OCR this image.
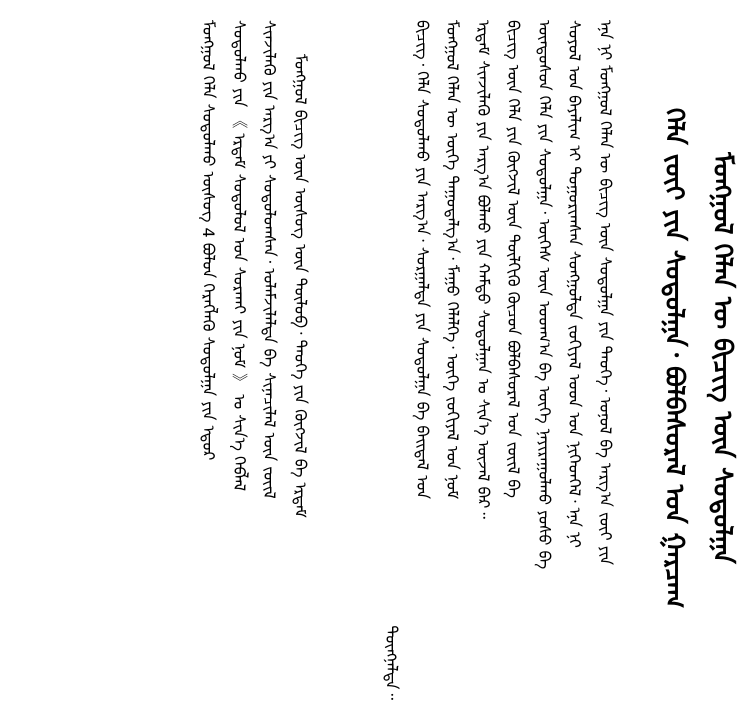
ᠮᠣᠩᠭᠣᠯ ᠬᠡᠯᠡᠨ ᠦ ᠪᠢᠴᠢᠭ ᠦᠨ ᠰᠤᠳᠤᠯᠭᠠ
ᠬᠡᠯᠡ ᠵᠦᠢ ᠶᠢᠨ ᠰᠤᠳᠤᠯᠭᠠ᠂ ᠪᠣᠯᠪᠠᠰᠤᠷᠠᠯ ᠤᠨ ᠭᠠᠷᠴᠠᠭ
ᠡᠨᠡ ᠨᠢ ᠮᠣᠩᠭᠣᠯ ᠬᠡᠯᠡᠨ ᠦ ᠪᠢᠴᠢᠭ ᠦᠨ ᠰᠤᠳᠤᠯᠭᠠ ᠶᠢᠨ ᠲᠡᠦᠬᠡ᠂ ᠣᠨᠣᠯ ᠪᠠ ᠠᠷᠭ᠎ᠠ ᠵᠦᠢ ᠶᠢᠨ
ᠰᠣᠶᠣᠯ ᠤᠨ ᠪᠠᠶᠠᠯᠢᠭ ᠢ ᠲᠣᠭᠤᠷᠢᠭᠰᠠᠨ ᠰᠣᠩᠭᠣᠯᠲᠠ ᠵᠣᠬᠢᠶᠠᠯ ᠤᠳ ᠤᠨ ᠨᠢᠭᠡᠳᠬᠡᠯ᠂ ᠡᠨᠡ ᠨᠢ
ᠦᠨᠳᠦᠰᠦᠨ ᠬᠡᠯᠡ ᠶᠢᠨ ᠰᠤᠳᠤᠯᠭᠠ᠂ ᠦᠭᠡᠰ ᠦᠨ ᠤᠳᠬ᠎ᠠ ᠪᠠ ᠦᠭᠡ ᠨᠠᠶᠢᠷᠠᠭᠤᠯᠬᠤ ᠶᠣᠰᠣ ᠪᠠ
ᠪᠢᠴᠢᠭ ᠦᠨ ᠬᠡᠯᠡ ᠶᠢᠨ ᠬᠥᠭᠵᠢᠯ ᠦᠨ ᠲᠦᠯᠬᠢᠬᠦ ᠬᠦᠴᠦᠨ ᠪᠣᠯᠪᠠᠰᠤᠷᠠᠯ ᠤᠨ ᠵᠦᠢᠯ ᠪᠠ
ᠡᠷᠳᠡᠮ ᠰᠢᠨᠵᠢᠯᠡᠬᠦ ᠶᠢᠨ ᠠᠷᠭ᠎ᠠ ᠪᠣᠯᠬᠤ ᠶᠢᠨ ᠬᠠᠮᠲᠤ ᠰᠤᠳᠤᠯᠭᠠᠨ ᠤ ᠰᠢᠨ᠎ᠡ ᠦᠵᠡᠯ ᠪᠠᠷ᠃
ᠮᠣᠩᠭᠣᠯ ᠬᠡᠯᠡᠨ ᠦ ᠦᠭᠡ ᠳᠠᠭᠤᠳᠠᠯᠭ᠎ᠠ᠂ ᠮᠠᠭᠤ ᠬᠡᠯᠡᠯᠭᠡ᠂ ᠦᠭᠡ ᠵᠣᠬᠢᠶᠠᠯ ᠤᠨ ᠨᠣᠮ
ᠪᠢᠴᠢᠭ᠂ ᠬᠡᠯᠡ ᠰᠤᠳᠤᠯᠬᠤ ᠶᠢᠨ ᠠᠷᠭ᠎ᠠ᠂ ᠰᠤᠷᠭᠠᠯᠲᠠ ᠶᠢᠨ ᠰᠤᠳᠤᠯᠭᠠ ᠪᠠ ᠪᠠᠢᠳᠠᠯ ᠤᠨ
ᠳᠦᠩᠨᠡᠯᠲᠡ᠃
ᠮᠣᠩᠭᠣᠯ ᠪᠢᠴᠢᠭ ᠦᠨ ᠦᠰᠦᠭ ᠦᠨ ᠲᠥᠯᠦᠪ᠂ ᠲᠡᠦᠬᠡ ᠶᠢᠨ ᠬᠥᠭᠵᠢᠯ ᠪᠠ ᠡᠷᠳᠡᠮ
ᠰᠢᠨᠵᠢᠯᠡᠬᠦ ᠶᠢᠨ ᠠᠷᠭ᠎ᠠ ᠶᠢ ᠰᠤᠳᠤᠯᠤᠭᠰᠠᠨ᠂ ᠤᠯᠠᠮᠵᠢᠯᠠᠯᠲᠠ ᠪᠠ ᠰᠢᠨᠡᠴᠢᠯᠡᠯ ᠦᠨ ᠵᠦᠢᠯ
ᠰᠤᠳᠤᠯᠬᠤ ᠶᠢᠨ 《 ᠡᠷᠳᠡᠮ ᠰᠤᠳᠤᠯᠤᠯ ᠤᠨ ᠰᠤᠷᠬᠠᠢ ᠶᠢᠨ ᠨᠣᠮ 》 ᠤ ᠰᠢᠨ᠎ᠡ ᠬᠡᠪᠯᠡᠯ
ᠮᠣᠩᠭᠣᠯ ᠬᠡᠯᠡ ᠰᠤᠳᠤᠯᠬᠤ ᠦᠰᠦᠭ 4 ᠪᠣᠯᠤᠨ ᠬᠡᠷᠡᠭᠯᠡᠬᠦ ᠰᠤᠳᠤᠯᠭᠠ ᠶᠢᠨ ᠡᠳᠦᠷ
